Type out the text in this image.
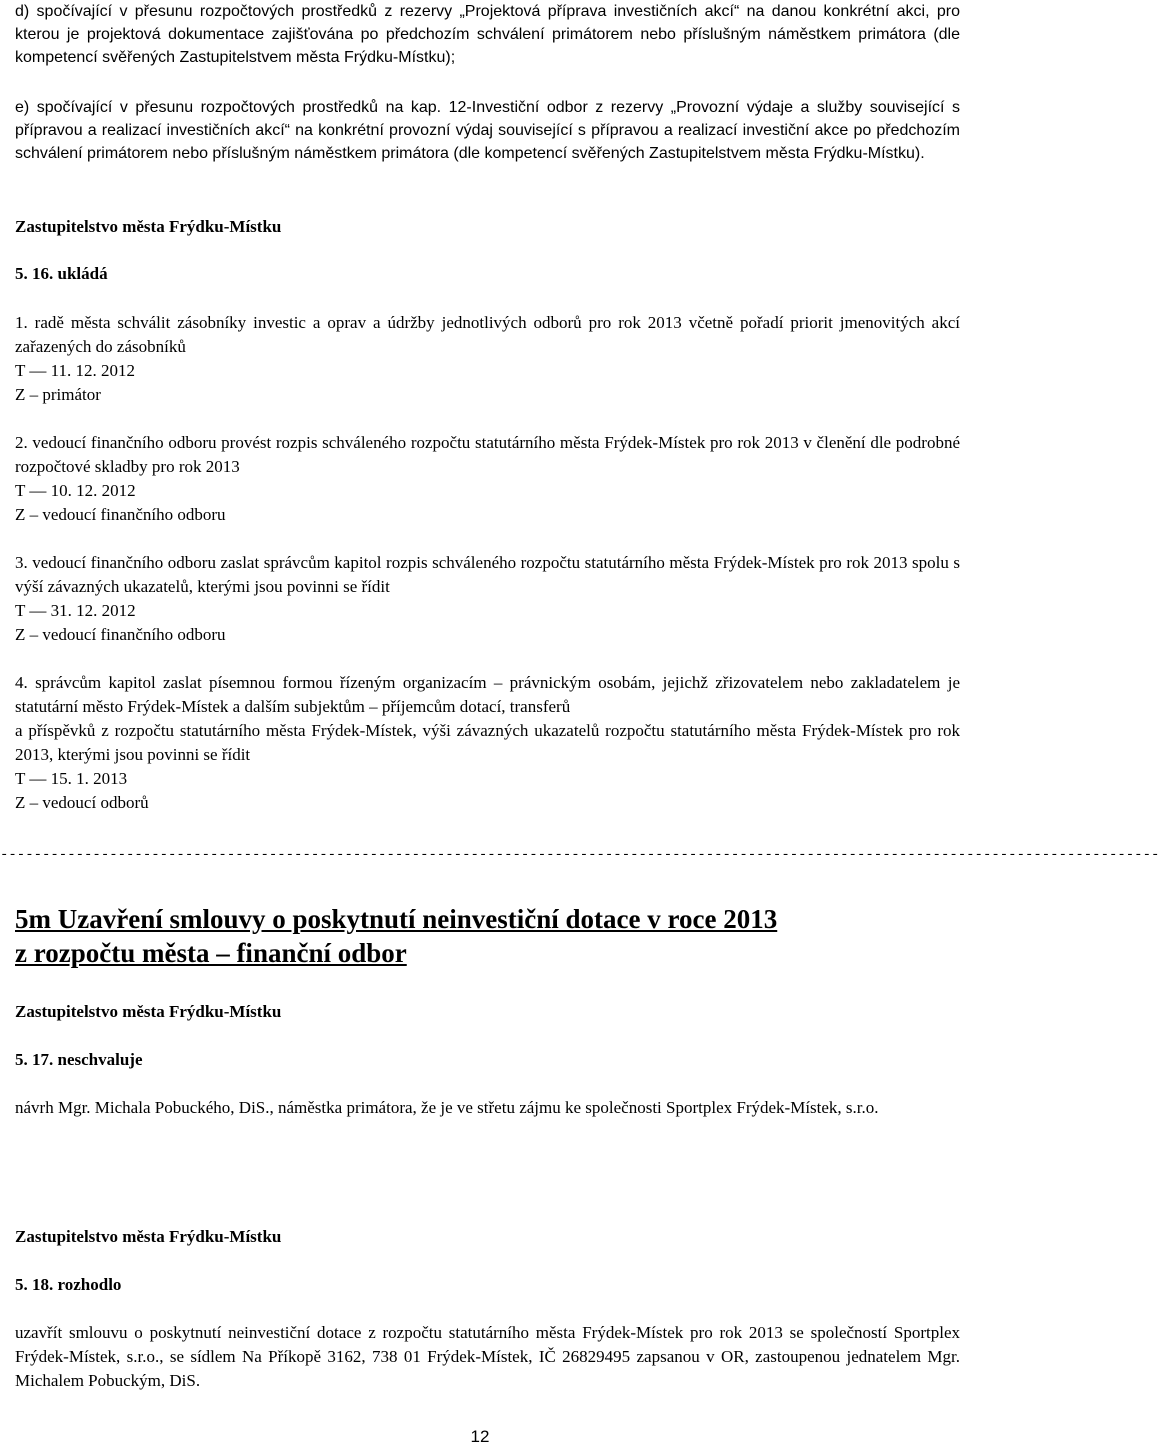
d) spočívající v přesunu rozpočtových prostředků z rezervy „Projektová příprava investičních akcí“ na danou konkrétní akci, pro kterou je projektová dokumentace zajišťována po předchozím schválení primátorem nebo příslušným náměstkem primátora (dle kompetencí svěřených Zastupitelstvem města Frýdku-Místku);

e) spočívající v přesunu rozpočtových prostředků na kap. 12-Investiční odbor z rezervy „Provozní výdaje a služby související s přípravou a realizací investičních akcí“ na konkrétní provozní výdaj související s přípravou a realizací investiční akce po předchozím schválení primátorem nebo příslušným náměstkem primátora (dle kompetencí svěřených Zastupitelstvem města Frýdku-Místku).

Zastupitelstvo města Frýdku-Místku
5. 16. ukládá
1. radě města schválit zásobníky investic a oprav a údržby jednotlivých odborů pro rok 2013 včetně pořadí priorit jmenovitých akcí zařazených do zásobníků
T — 11. 12. 2012
Z – primátor
2. vedoucí finančního odboru provést rozpis schváleného rozpočtu statutárního města Frýdek-Místek pro rok 2013 v členění dle podrobné rozpočtové skladby pro rok 2013
T — 10. 12. 2012
Z – vedoucí finančního odboru
3. vedoucí finančního odboru zaslat správcům kapitol rozpis schváleného rozpočtu statutárního města Frýdek-Místek pro rok 2013 spolu s výší závazných ukazatelů, kterými jsou povinni se řídit
T — 31. 12. 2012
Z – vedoucí finančního odboru
4. správcům kapitol zaslat písemnou formou řízeným organizacím – právnickým osobám, jejichž zřizovatelem nebo zakladatelem je statutární město Frýdek-Místek a dalším subjektům – příjemcům dotací, transferů
a příspěvků z rozpočtu statutárního města Frýdek-Místek, výši závazných ukazatelů rozpočtu statutárního města Frýdek-Místek pro rok 2013, kterými jsou povinni se řídit
T — 15. 1. 2013
Z – vedoucí odborů
------------------------------------------------------------------------------------------------------------------------------------------
5m Uzavření smlouvy o poskytnutí neinvestiční dotace v roce 2013
z rozpočtu města – finanční odbor
Zastupitelstvo města Frýdku-Místku
5. 17. neschvaluje

návrh Mgr. Michala Pobuckého, DiS., náměstka primátora, že je ve střetu zájmu ke společnosti Sportplex Frýdek-Místek, s.r.o.

Zastupitelstvo města Frýdku-Místku
5. 18. rozhodlo

uzavřít smlouvu o poskytnutí neinvestiční dotace z rozpočtu statutárního města Frýdek-Místek pro rok 2013 se společností Sportplex Frýdek-Místek, s.r.o., se sídlem Na Příkopě 3162, 738 01 Frýdek-Místek, IČ 26829495 zapsanou v OR, zastoupenou jednatelem Mgr. Michalem Pobuckým, DiS.

12
